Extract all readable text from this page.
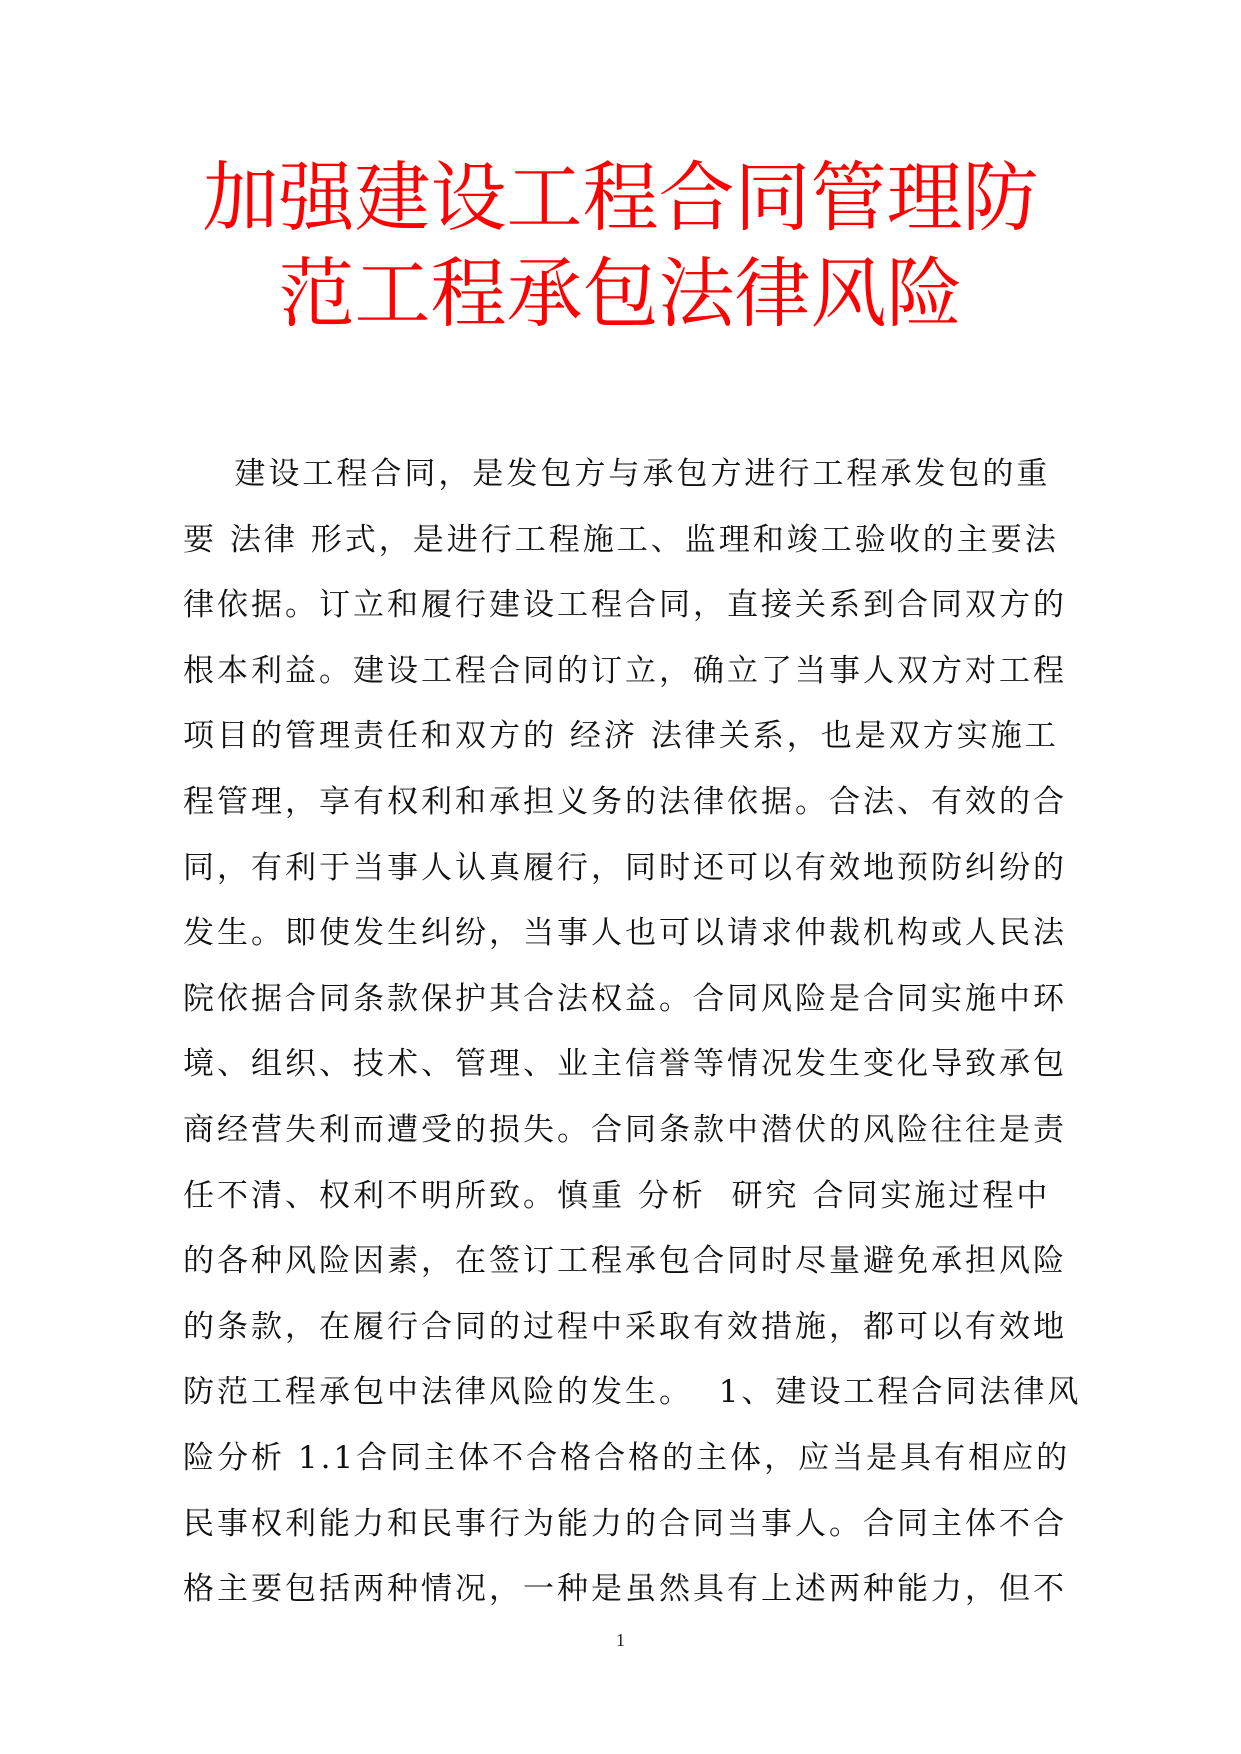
加强建设工程合同管理防
范工程承包法律风险
建设工程合同，是发包方与承包方进行工程承发包的重
要 法律 形式，是进行工程施工、监理和竣工验收的主要法
律依据。订立和履行建设工程合同，直接关系到合同双方的
根本利益。建设工程合同的订立，确立了当事人双方对工程
项目的管理责任和双方的 经济 法律关系，也是双方实施工
程管理，享有权利和承担义务的法律依据。合法、有效的合
同，有利于当事人认真履行，同时还可以有效地预防纠纷的
发生。即使发生纠纷，当事人也可以请求仲裁机构或人民法
院依据合同条款保护其合法权益。合同风险是合同实施中环
境、组织、技术、管理、业主信誉等情况发生变化导致承包
商经营失利而遭受的损失。合同条款中潜伏的风险往往是责
任不清、权利不明所致。慎重 分析  研究 合同实施过程中
的各种风险因素，在签订工程承包合同时尽量避免承担风险
的条款，在履行合同的过程中采取有效措施，都可以有效地
防范工程承包中法律风险的发生。  1、建设工程合同法律风
险分析 1.1合同主体不合格合格的主体，应当是具有相应的
民事权利能力和民事行为能力的合同当事人。合同主体不合
格主要包括两种情况，一种是虽然具有上述两种能力，但不
1
